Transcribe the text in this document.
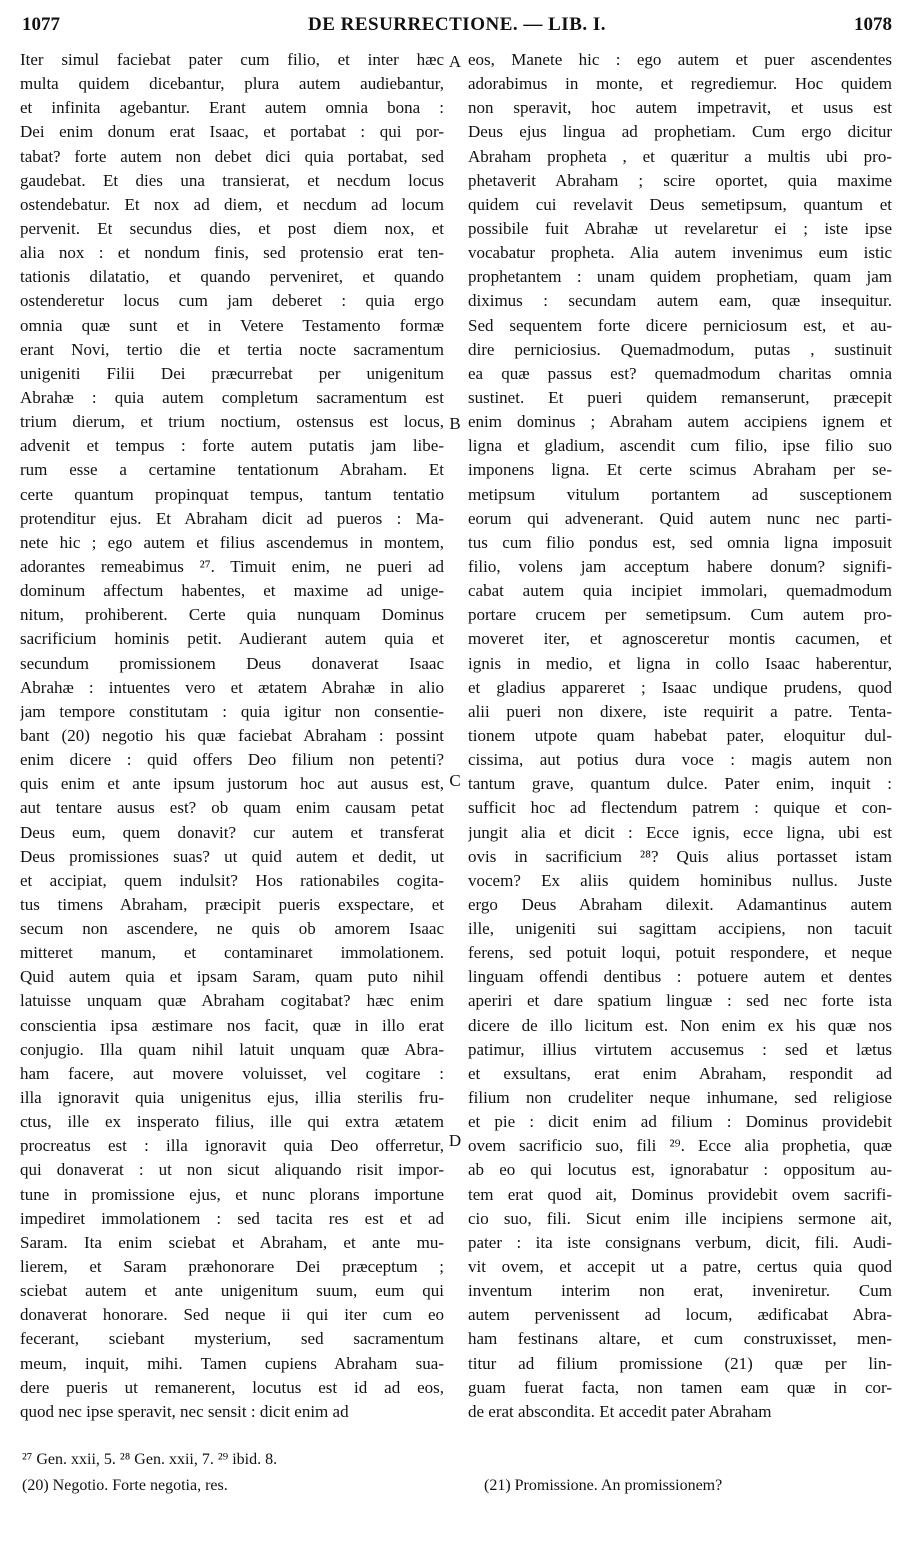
1077	DE RESURRECTIONE. — LIB. I.	1078
Iter simul faciebat pater cum filio, et inter hæc
multa quidem dicebantur, plura autem audiebantur,
et infinita agebantur. Erant autem omnia bona :
Dei enim donum erat Isaac, et portabat : qui por-
tabat? forte autem non debet dici quia portabat, sed
gaudebat. Et dies una transierat, et necdum locus
ostendebatur. Et nox ad diem, et necdum ad locum
pervenit. Et secundus dies, et post diem nox, et
alia nox : et nondum finis, sed protensio erat ten-
tationis dilatatio, et quando perveniret, et quando
ostenderetur locus cum jam deberet : quia ergo
omnia quæ sunt et in Vetere Testamento formæ
erant Novi, tertio die et tertia nocte sacramentum
unigeniti Filii Dei præcurrebat per unigenitum
Abrahæ : quia autem completum sacramentum est
trium dierum, et trium noctium, ostensus est locus,
advenit et tempus : forte autem putatis jam libe-
rum esse a certamine tentationum Abraham. Et
certe quantum propinquat tempus, tantum tentatio
protenditur ejus. Et Abraham dicit ad pueros : Ma-
nete hic ; ego autem et filius ascendemus in montem,
adorantes remeabimus ²⁷. Timuit enim, ne pueri ad
dominum affectum habentes, et maxime ad unige-
nitum, prohiberent. Certe quia nunquam Dominus
sacrificium hominis petit. Audierant autem quia et
secundum promissionem Deus donaverat Isaac
Abrahæ : intuentes vero et ætatem Abrahæ in alio
jam tempore constitutam : quia igitur non consentie-
bant (20) negotio his quæ faciebat Abraham : possint
enim dicere : quid offers Deo filium non petenti?
quis enim et ante ipsum justorum hoc aut ausus est,
aut tentare ausus est? ob quam enim causam petat
Deus eum, quem donavit? cur autem et transferat
Deus promissiones suas? ut quid autem et dedit, ut
et accipiat, quem indulsit? Hos rationabiles cogita-
tus timens Abraham, præcipit pueris exspectare, et
secum non ascendere, ne quis ob amorem Isaac
mitteret manum, et contaminaret immolationem.
Quid autem quia et ipsam Saram, quam puto nihil
latuisse unquam quæ Abraham cogitabat? hæc enim
conscientia ipsa æstimare nos facit, quæ in illo erat
conjugio. Illa quam nihil latuit unquam quæ Abra-
ham facere, aut movere voluisset, vel cogitare :
illa ignoravit quia unigenitus ejus, illia sterilis fru-
ctus, ille ex insperato filius, ille qui extra ætatem
procreatus est : illa ignoravit quia Deo offerretur,
qui donaverat : ut non sicut aliquando risit impor-
tune in promissione ejus, et nunc plorans importune
impediret immolationem : sed tacita res est et ad
Saram. Ita enim sciebat et Abraham, et ante mu-
lierem, et Saram præhonorare Dei præceptum ;
sciebat autem et ante unigenitum suum, eum qui
donaverat honorare. Sed neque ii qui iter cum eo
fecerant, sciebant mysterium, sed sacramentum
meum, inquit, mihi. Tamen cupiens Abraham sua-
dere pueris ut remanerent, locutus est id ad eos,
quod nec ipse speravit, nec sensit : dicit enim ad
eos, Manete hic : ego autem et puer ascendentes
adorabimus in monte, et regrediemur. Hoc quidem
non speravit, hoc autem impetravit, et usus est
Deus ejus lingua ad prophetiam. Cum ergo dicitur
Abraham propheta , et quæritur a multis ubi pro-
phetaverit Abraham ; scire oportet, quia maxime
quidem cui revelavit Deus semetipsum, quantum et
possibile fuit Abrahæ ut revelaretur ei ; iste ipse
vocabatur propheta. Alia autem invenimus eum istic
prophetantem : unam quidem prophetiam, quam jam
diximus : secundam autem eam, quæ insequitur.
Sed sequentem forte dicere perniciosum est, et au-
dire perniciosius. Quemadmodum, putas , sustinuit
ea quæ passus est? quemadmodum charitas omnia
sustinet. Et pueri quidem remanserunt, præcepit
enim dominus ; Abraham autem accipiens ignem et
ligna et gladium, ascendit cum filio, ipse filio suo
imponens ligna. Et certe scimus Abraham per se-
metipsum vitulum portantem ad susceptionem
eorum qui advenerant. Quid autem nunc nec parti-
tus cum filio pondus est, sed omnia ligna imposuit
filio, volens jam acceptum habere donum? signifi-
cabat autem quia incipiet immolari, quemadmodum
portare crucem per semetipsum. Cum autem pro-
moveret iter, et agnosceretur montis cacumen, et
ignis in medio, et ligna in collo Isaac haberentur,
et gladius appareret ; Isaac undique prudens, quod
alii pueri non dixere, iste requirit a patre. Tenta-
tionem utpote quam habebat pater, eloquitur dul-
cissima, aut potius dura voce : magis autem non
tantum grave, quantum dulce. Pater enim, inquit :
sufficit hoc ad flectendum patrem : quique et con-
jungit alia et dicit : Ecce ignis, ecce ligna, ubi est
ovis in sacrificium ²⁸? Quis alius portasset istam
vocem? Ex aliis quidem hominibus nullus. Juste
ergo Deus Abraham dilexit. Adamantinus autem
ille, unigeniti sui sagittam accipiens, non tacuit
ferens, sed potuit loqui, potuit respondere, et neque
linguam offendi dentibus : potuere autem et dentes
aperiri et dare spatium linguæ : sed nec forte ista
dicere de illo licitum est. Non enim ex his quæ nos
patimur, illius virtutem accusemus : sed et lætus
et exsultans, erat enim Abraham, respondit ad
filium non crudeliter neque inhumane, sed religiose
et pie : dicit enim ad filium : Dominus providebit
ovem sacrificio suo, fili ²⁹. Ecce alia prophetia, quæ
ab eo qui locutus est, ignorabatur : oppositum au-
tem erat quod ait, Dominus providebit ovem sacrifi-
cio suo, fili. Sicut enim ille incipiens sermone ait,
pater : ita iste consignans verbum, dicit, fili. Audi-
vit ovem, et accepit ut a patre, certus quia quod
inventum interim non erat, inveniretur. Cum
autem pervenissent ad locum, ædificabat Abra-
ham festinans altare, et cum construxisset, men-
titur ad filium promissione (21) quæ per lin-
guam fuerat facta, non tamen eam quæ in cor-
de erat abscondita. Et accedit pater Abraham
A
B
C
D
²⁷ Gen. xxii, 5. ²⁸ Gen. xxii, 7. ²⁹ ibid. 8.
(20) Negotio. Forte negotia, res.	(21) Promissione. An promissionem?
